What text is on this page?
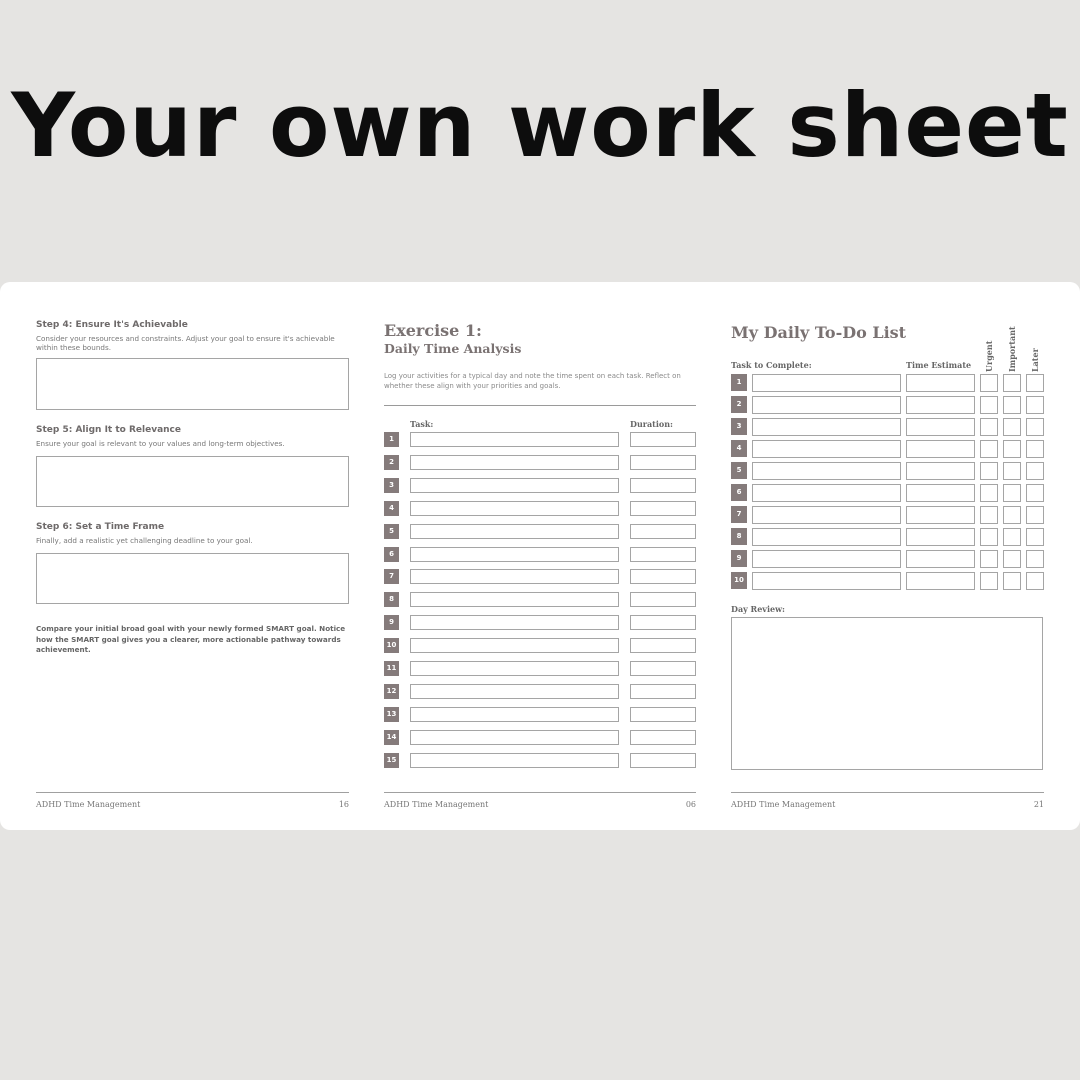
Your own work sheet
Step 4: Ensure It's Achievable
Consider your resources and constraints. Adjust your goal to ensure it's achievable within these bounds.
Step 5: Align It to Relevance
Ensure your goal is relevant to your values and long-term objectives.
Step 6: Set a Time Frame
Finally, add a realistic yet challenging deadline to your goal.
Compare your initial broad goal with your newly formed SMART goal. Notice how the SMART goal gives you a clearer, more actionable pathway towards achievement.
ADHD Time Management	16
Exercise 1:
Daily Time Analysis
Log your activities for a typical day and note the time spent on each task. Reflect on whether these align with your priorities and goals.
Task:	Duration:
1
2
3
4
5
6
7
8
9
10
11
12
13
14
15
ADHD Time Management	06
My Daily To-Do List
Task to Complete:	Time Estimate Urgent Important Later
1
2
3
4
5
6
7
8
9
10
Day Review:
ADHD Time Management	21
